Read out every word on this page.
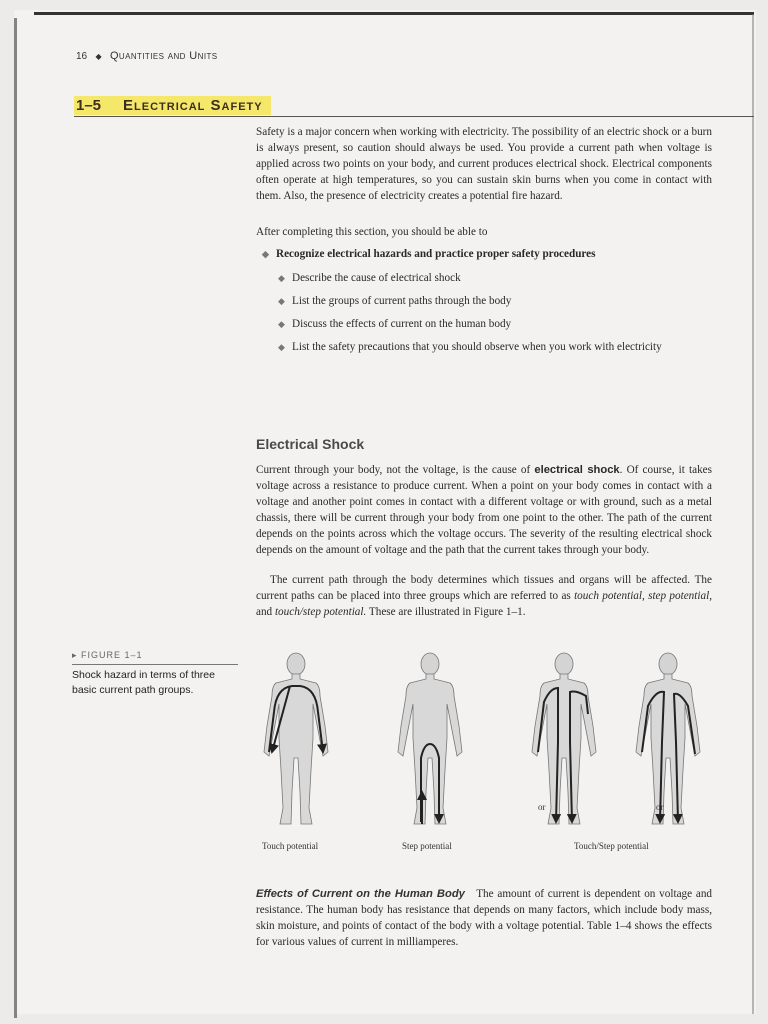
16 ◆ Quantities and Units
1–5 Electrical Safety
Safety is a major concern when working with electricity. The possibility of an electric shock or a burn is always present, so caution should always be used. You provide a current path when voltage is applied across two points on your body, and current produces electrical shock. Electrical components often operate at high temperatures, so you can sustain skin burns when you come in contact with them. Also, the presence of electricity creates a potential fire hazard.
After completing this section, you should be able to
◆ Recognize electrical hazards and practice proper safety procedures
◆ Describe the cause of electrical shock
◆ List the groups of current paths through the body
◆ Discuss the effects of current on the human body
◆ List the safety precautions that you should observe when you work with electricity
Electrical Shock
Current through your body, not the voltage, is the cause of electrical shock. Of course, it takes voltage across a resistance to produce current. When a point on your body comes in contact with a voltage and another point comes in contact with a different voltage or with ground, such as a metal chassis, there will be current through your body from one point to the other. The path of the current depends on the points across which the voltage occurs. The severity of the resulting electrical shock depends on the amount of voltage and the path that the current takes through your body.
The current path through the body determines which tissues and organs will be affected. The current paths can be placed into three groups which are referred to as touch potential, step potential, and touch/step potential. These are illustrated in Figure 1–1.
▸ FIGURE 1–1
Shock hazard in terms of three basic current path groups.
Touch potential	Step potential	Touch/Step potential
or	or
Effects of Current on the Human Body The amount of current is dependent on voltage and resistance. The human body has resistance that depends on many factors, which include body mass, skin moisture, and points of contact of the body with a voltage potential. Table 1–4 shows the effects for various values of current in milliamperes.
